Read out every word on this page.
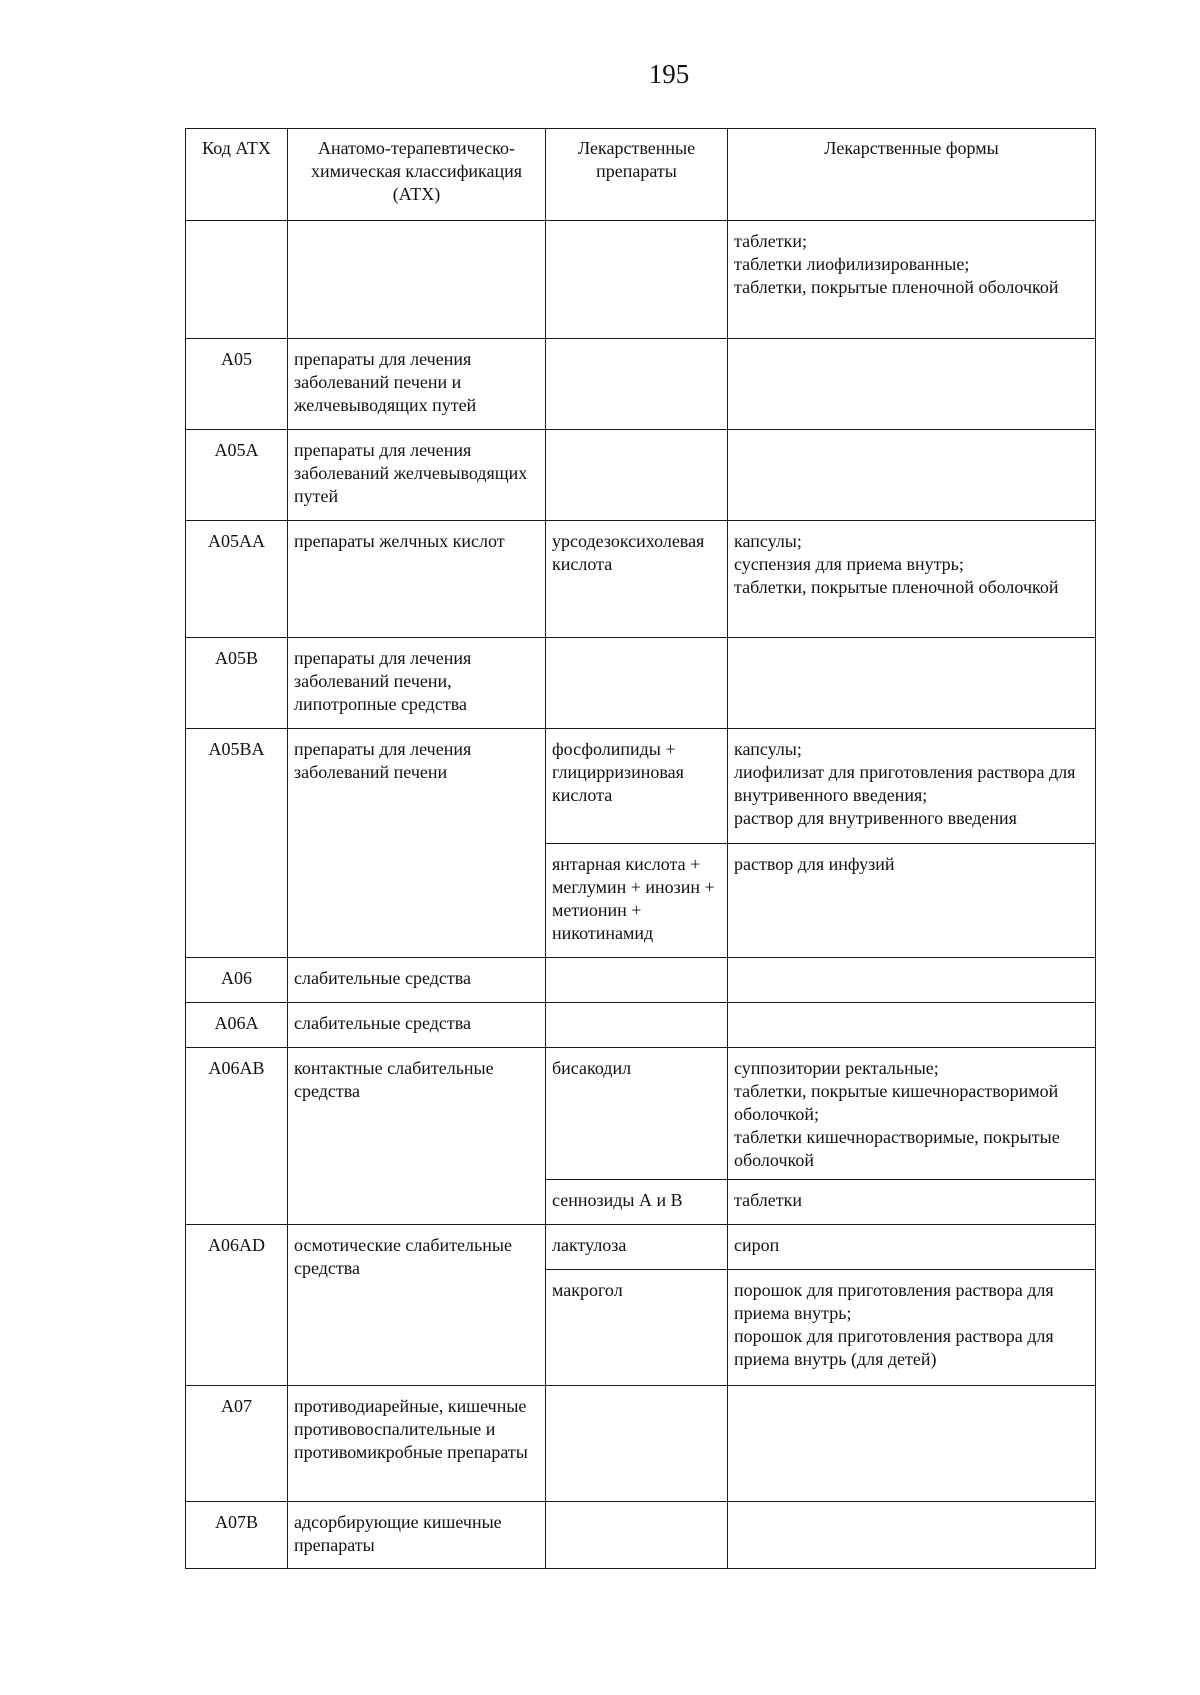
195
Код АТХ	Анатомо-терапевтическо-химическая классификация (АТХ)	Лекарственные препараты	Лекарственные формы

			таблетки;
таблетки лиофилизированные;
таблетки, покрытые пленочной оболочкой

A05	препараты для лечения заболеваний печени и желчевыводящих путей		
A05A	препараты для лечения заболеваний желчевыводящих путей		
A05AA	препараты желчных кислот	урсодезоксихолевая кислота	капсулы;
суспензия для приема внутрь;
таблетки, покрытые пленочной оболочкой

A05B	препараты для лечения заболеваний печени, липотропные средства		
A05BA	препараты для лечения заболеваний печени	фосфолипиды + глицирризиновая кислота	капсулы;
лиофилизат для приготовления раствора для внутривенного введения;
раствор для внутривенного введения

		янтарная кислота + меглумин + инозин + метионин + никотинамид	раствор для инфузий

A06	слабительные средства		
A06A	слабительные средства		
A06AB	контактные слабительные средства	бисакодил	суппозитории ректальные;
таблетки, покрытые кишечнорастворимой оболочкой;
таблетки кишечнорастворимые, покрытые оболочкой

		сеннозиды А и В	таблетки

A06AD	осмотические слабительные средства	лактулоза	сироп

		макрогол	порошок для приготовления раствора для приема внутрь;
порошок для приготовления раствора для приема внутрь (для детей)

A07	противодиарейные, кишечные противовоспалительные и противомикробные препараты		
A07B	адсорбирующие кишечные препараты		
